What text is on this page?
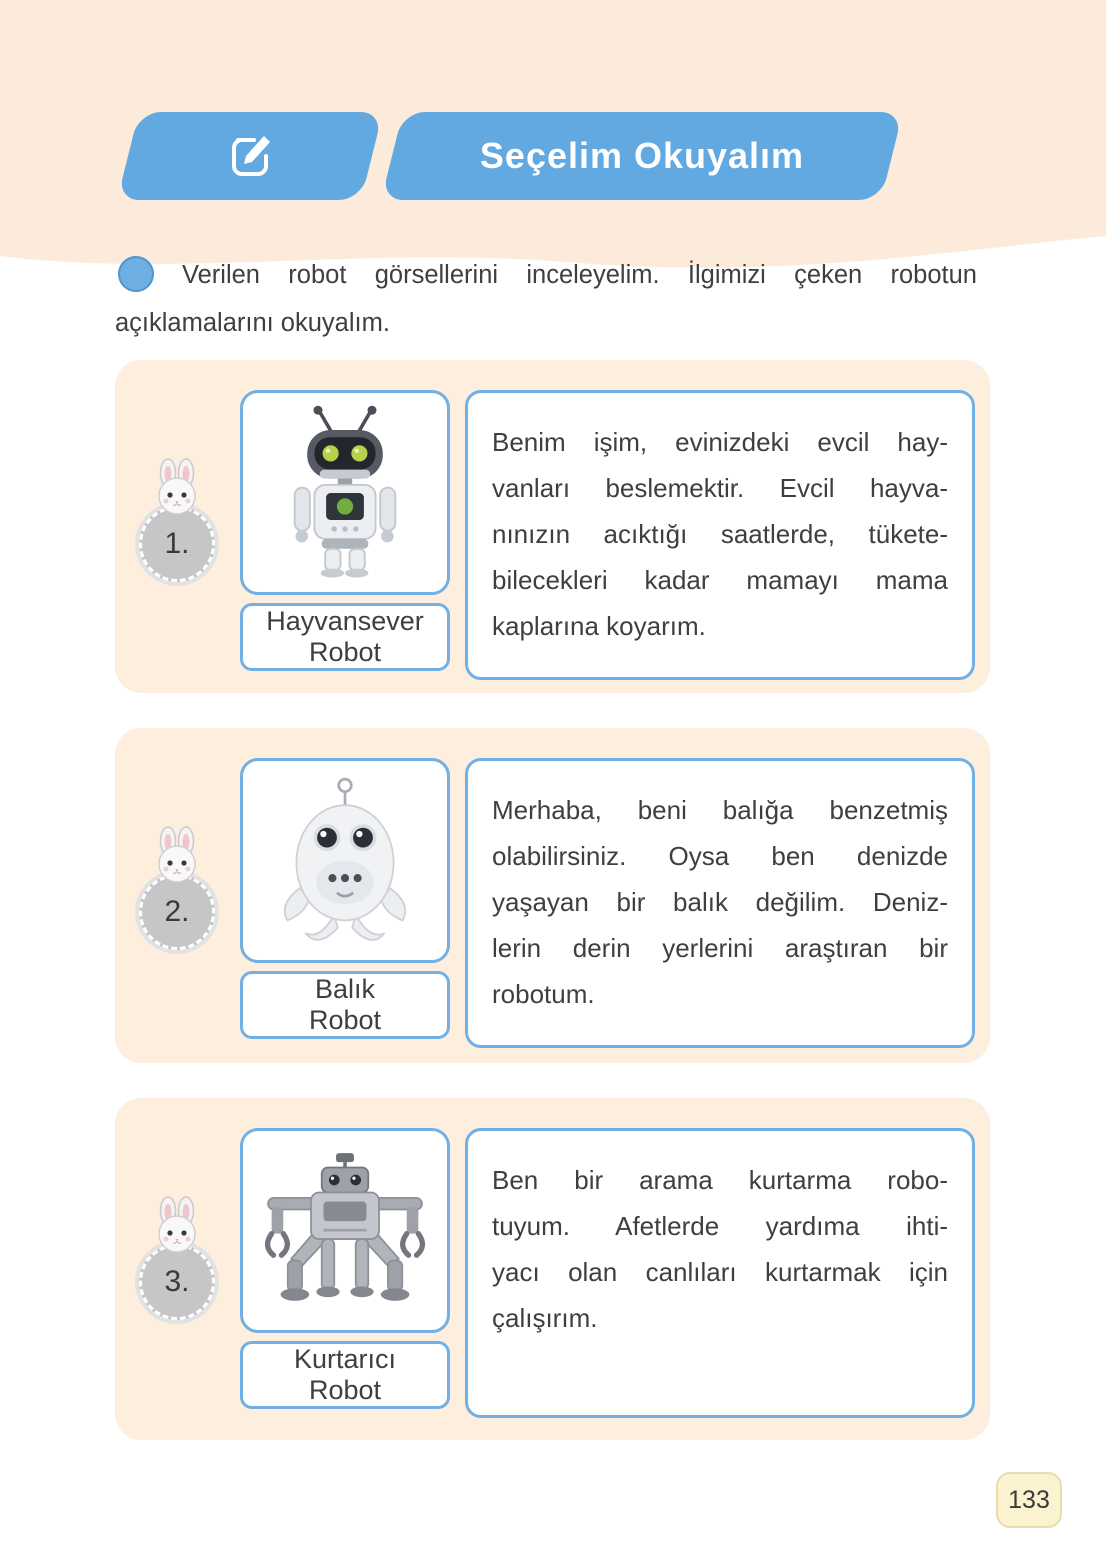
Seçelim Okuyalım
Verilen robot görsellerini inceleyelim. İlgimizi çeken robotun
açıklamalarını okuyalım.
1.
Hayvansever
Robot
Benim işim, evinizdeki evcil hay-
vanları beslemektir. Evcil hayva-
nınızın acıktığı saatlerde, tükete-
bilecekleri kadar mamayı mama
kaplarına koyarım.
2.
Balık
Robot
Merhaba, beni balığa benzetmiş
olabilirsiniz. Oysa ben denizde
yaşayan bir balık değilim. Deniz-
lerin derin yerlerini araştıran bir
robotum.
3.
Kurtarıcı
Robot
Ben bir arama kurtarma robo-
tuyum. Afetlerde yardıma ihti-
yacı olan canlıları kurtarmak için
çalışırım.
133
